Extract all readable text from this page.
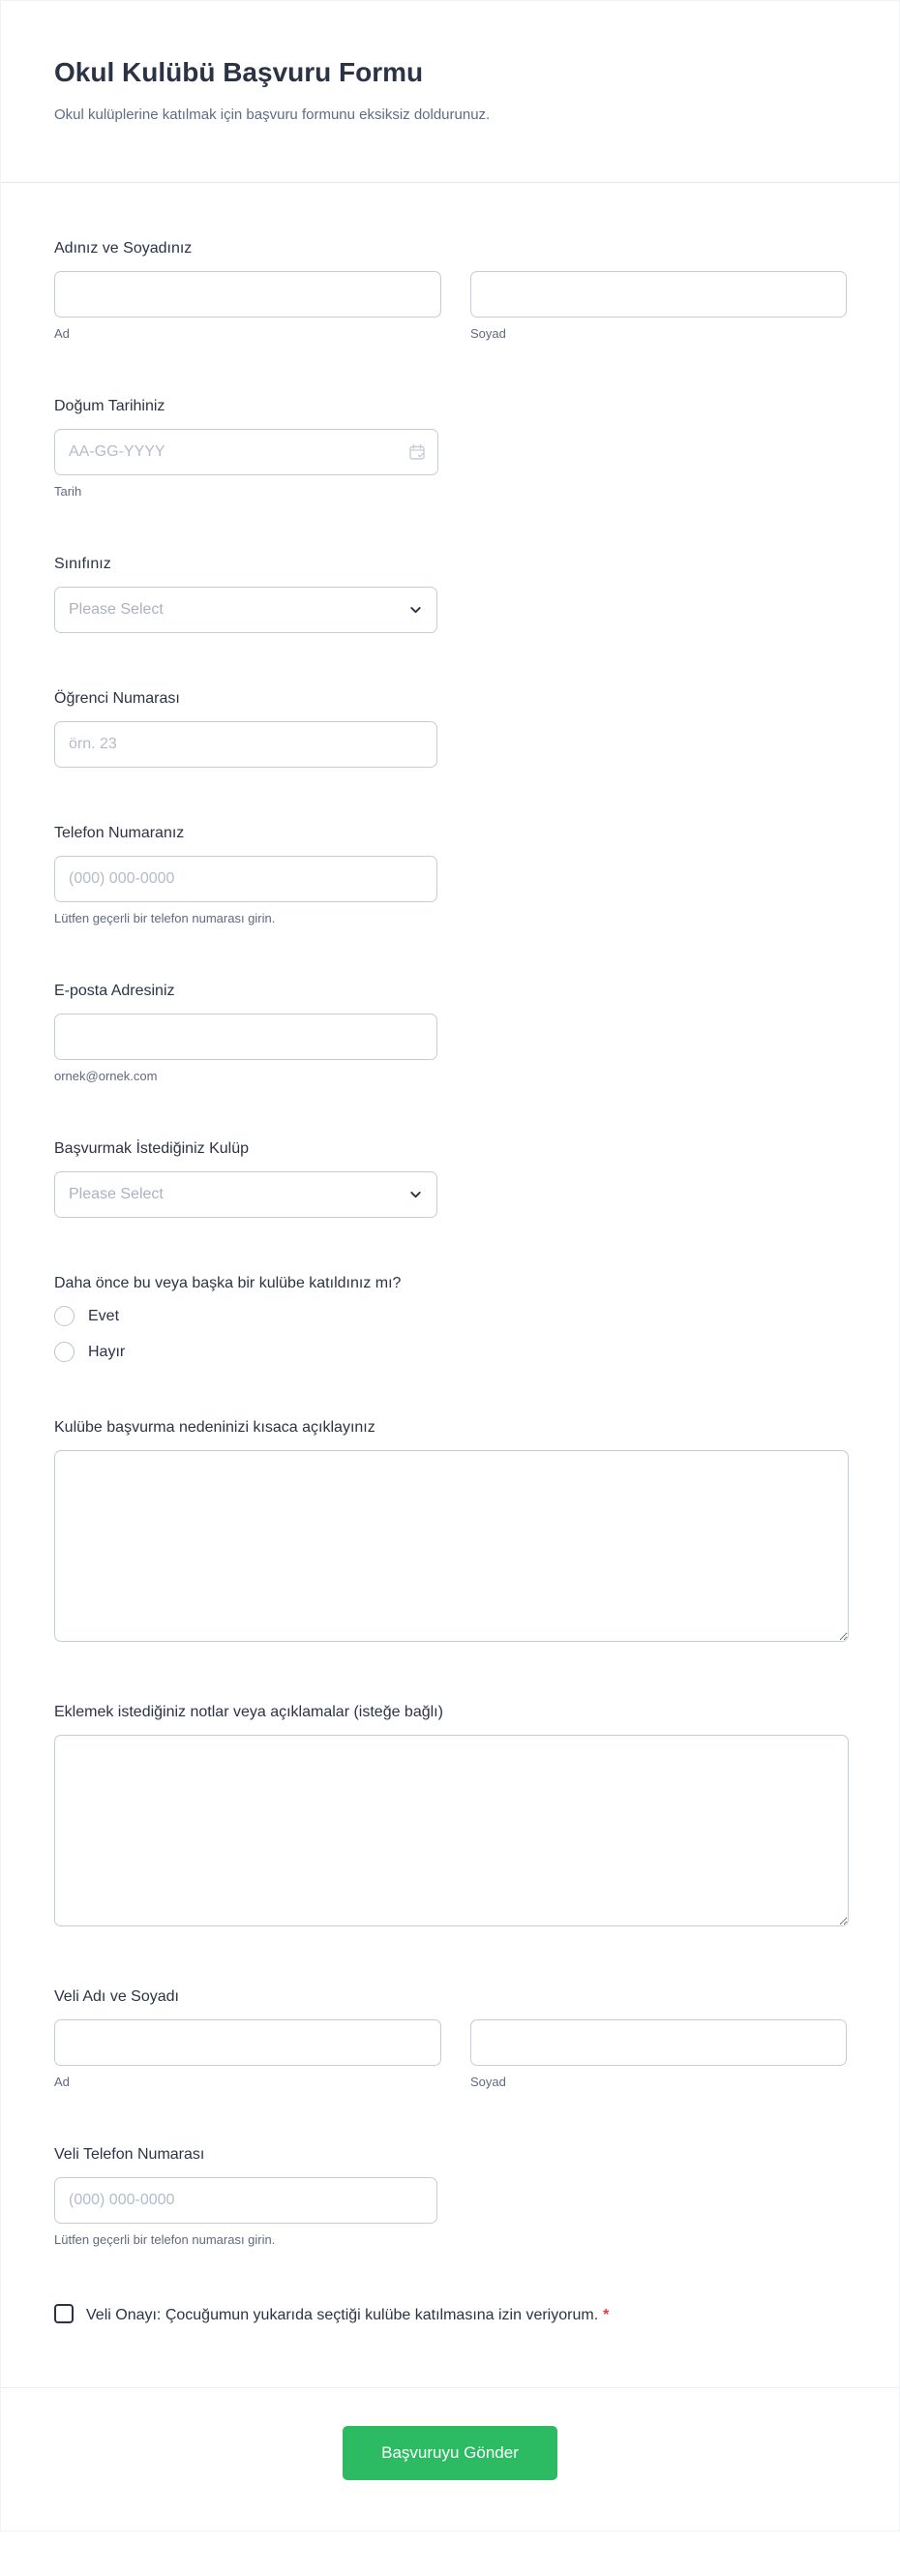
Okul Kulübü Başvuru Formu
Okul kulüplerine katılmak için başvuru formunu eksiksiz doldurunuz.
Adınız ve Soyadınız
Ad	Soyad
Doğum Tarihiniz
AA-GG-YYYY
Tarih
Sınıfınız
Please Select
Öğrenci Numarası
örn. 23
Telefon Numaranız
(000) 000-0000
Lütfen geçerli bir telefon numarası girin.
E-posta Adresiniz
ornek@ornek.com
Başvurmak İstediğiniz Kulüp
Please Select
Daha önce bu veya başka bir kulübe katıldınız mı?
Evet
Hayır
Kulübe başvurma nedeninizi kısaca açıklayınız
Eklemek istediğiniz notlar veya açıklamalar (isteğe bağlı)
Veli Adı ve Soyadı
Ad	Soyad
Veli Telefon Numarası
(000) 000-0000
Lütfen geçerli bir telefon numarası girin.
Veli Onayı: Çocuğumun yukarıda seçtiği kulübe katılmasına izin veriyorum. *
Başvuruyu Gönder
